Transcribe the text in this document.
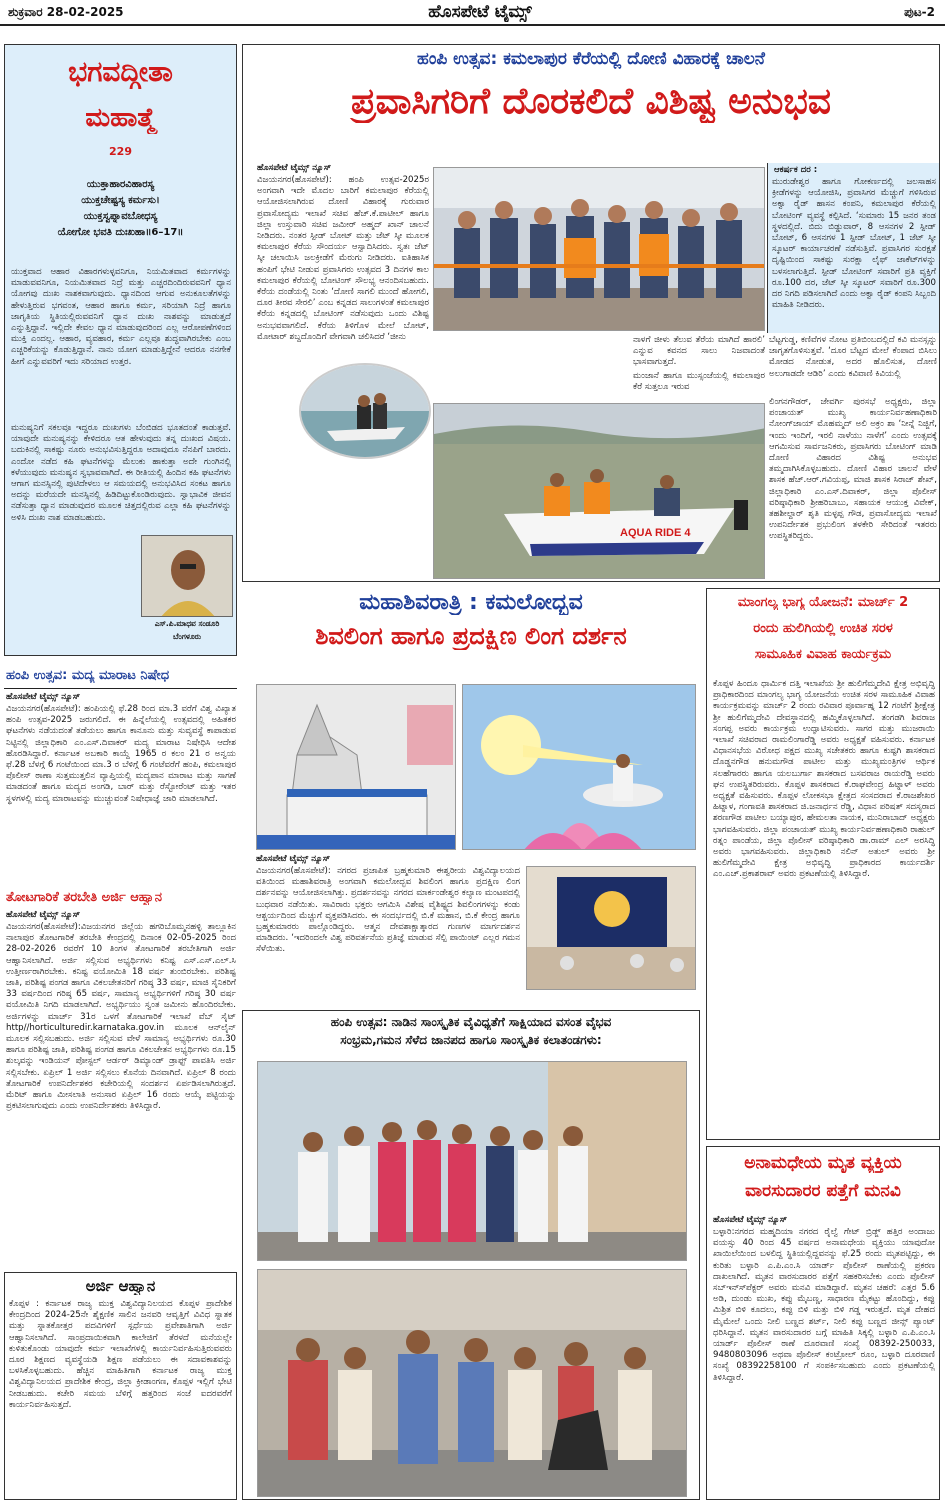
ಶುಕ್ರವಾರ 28-02-2025	ಹೊಸಪೇಟೆ ಟೈಮ್ಸ್	ಪುಟ-2
ಭಗವದ್ಗೀತಾ
ಮಹಾತ್ಮೆ
229
ಯುಕ್ತಾಹಾರವಿಹಾರಸ್ಯ
ಯುಕ್ತಚೇಷ್ಟಸ್ಯ ಕರ್ಮಸು।
ಯುಕ್ತಸ್ವಪ್ನಾವಬೋಧಸ್ಯ
ಯೋಗೋ ಭವತಿ ದುಃಖಹಾ॥6–17॥
ಯುಕ್ತವಾದ ಆಹಾರ ವಿಹಾರಗಳುಳ್ಳವನಿಗೂ, ನಿಯಮಿತವಾದ ಕರ್ಮಗಳನ್ನು ಮಾಡುವವನಿಗೂ, ನಿಯಮಿತವಾದ ನಿದ್ರೆ ಮತ್ತು ಎಚ್ಚರದಿಂದಿರುವವನಿಗೆ ಧ್ಯಾನ ಯೋಗವು ದುಃಖ ನಾಶಕವಾಗುವುದು. ಧ್ಯಾನದಿಂದ ಆಗುವ ಅನುಕೂಲತೆಗಳನ್ನು ಹೇಳುತ್ತಿರುವ ಭಗವಂತ, ಆಹಾರ ಹಾಗೂ ಕರ್ಮ, ಸರಿಯಾಗಿ ನಿದ್ರೆ ಹಾಗೂ ಜಾಗೃತಿಯ ಸ್ಥಿತಿಯಲ್ಲಿರುವವನಿಗೆ ಧ್ಯಾನ ದುಃಖ ನಾಶವನ್ನು ಮಾಡುತ್ತದೆ ಎನ್ನುತ್ತಿದ್ದಾನೆ. ಇಲ್ಲಿದೇ ಕೇವಲ ಧ್ಯಾನ ಮಾಡುವುದರಿಂದ ಎಲ್ಲ ಆರೋಪಣೆಗಳಿಂದ ಮುಕ್ತಿ ಎಂದಲ್ಲ. ಆಹಾರ, ವ್ಯವಹಾರ, ಕರ್ಮ ಎಲ್ಲವೂ ಶುದ್ಧವಾಗಿರಬೇಕು ಎಂಬ ಎಚ್ಚರಿಕೆಯನ್ನು ಕೊಡುತ್ತಿದ್ದಾನೆ. ನಾನು ಯೋಗ ಮಾಡುತ್ತಿದ್ದೇನೆ ಆದರೂ ನನಗೇಕೆ ಹೀಗೆ ಎನ್ನುವವರಿಗೆ ಇದು ಸರಿಯಾದ ಉತ್ತರ.
ಮನುಷ್ಯನಿಗೆ ಸಕಲವೂ ಇದ್ದರೂ ದುಃಖಗಳು ಬೆಂಬಿಡದ ಭೂತದಂತೆ ಕಾಡುತ್ತವೆ. ಯಾವುದೇ ಮನುಷ್ಯನನ್ನು ಕೇಳಿದರೂ ಆತ ಹೇಳುವುದು ತನ್ನ ದುಃಖದ ವಿಷಯ. ಬದುಕಿನಲ್ಲಿ ಸಾಕಷ್ಟು ನೂರು ಅನುಭವಿಸುತ್ತಿದ್ದರೂ ಅದಾವುದೂ ನೆನಪಿಗೆ ಬಾರದು. ಎಂದೋ ನಡೆದ ಕಹಿ ಘಟನೆಗಳನ್ನು ಮೆಲುಕು ಹಾಕುತ್ತಾ ಅದೇ ಗುಂಗಿನಲ್ಲಿ ಕಳೆಯುವುದು ಮನುಷ್ಯನ ಸ್ವಭಾವವಾಗಿದೆ. ಈ ರೀತಿಯಲ್ಲಿ ಹಿಂದಿನ ಕಹಿ ಘಟನೆಗಳು ಆಗಾಗ ಮನಸ್ಸಿನಲ್ಲಿ ಪುಟಿದೇಳಲು ಆ ಸಮಯದಲ್ಲಿ ಅನುಭವಿಸಿದ ಸಂಕಟ ಹಾಗೂ ಅದನ್ನು ಮರೆಯದೇ ಮನಸ್ಸಿನಲ್ಲಿ ಹಿಡಿದಿಟ್ಟುಕೊಂಡಿರುವುದು. ಸ್ವಾಭಾವಿಕ ಜೀವನ ನಡೆಸುತ್ತಾ ಧ್ಯಾನ ಮಾಡುವುದರ ಮೂಲಕ ಚಿತ್ತದಲ್ಲಿರುವ ಎಲ್ಲಾ ಕಹಿ ಘಟನೆಗಳನ್ನು ಅಳಿಸಿ ದುಃಖ ನಾಶ ಮಾಡಬಹುದು.
ಎಸ್.ಪಿ.ಮಾಧವ ಸಂಡೂರಿ
ಬೆಂಗಳೂರು
ಹಂಪಿ ಉತ್ಸವ: ಮದ್ಯ ಮಾರಾಟ ನಿಷೇಧ
ಹೊಸಪೇಟೆ ಟೈಮ್ಸ್ ನ್ಯೂಸ್
ವಿಜಯನಗರ(ಹೊಸಪೇಟೆ): ಹಂಪಿಯಲ್ಲಿ ಫೆ.28 ರಿಂದ ಮಾ.3 ವರೆಗೆ ವಿಶ್ವ ವಿಖ್ಯಾತ ಹಂಪಿ ಉತ್ಸವ-2025 ಜರುಗಲಿದೆ. ಈ ಹಿನ್ನೆಲೆಯಲ್ಲಿ ಉತ್ಸವದಲ್ಲಿ ಅಹಿತಕರ ಘಟನೆಗಳು ನಡೆಯದಂತೆ ತಡೆಯಲು ಹಾಗೂ ಕಾನೂನು ಮತ್ತು ಸುವ್ಯವಸ್ಥೆ ಕಾಪಾಡುವ ನಿಟ್ಟಿನಲ್ಲಿ ಜಿಲ್ಲಾಧಿಕಾರಿ ಎಂ.ಎಸ್.ದಿವಾಕರ್ ಮದ್ಯ ಮಾರಾಟ ನಿಷೇಧಿಸಿ ಆದೇಶ ಹೊರಡಿಸಿದ್ದಾರೆ. ಕರ್ನಾಟಕ ಅಬಕಾರಿ ಕಾಯ್ದೆ 1965 ರ ಕಲಂ 21 ರ ಅನ್ವಯ ಫೆ.28 ಬೆಳಗ್ಗೆ 6 ಗಂಟೆಯಿಂದ ಮಾ.3 ರ ಬೆಳಿಗ್ಗೆ 6 ಗಂಟೆವರೆಗೆ ಹಂಪಿ, ಕಮಲಾಪುರ ಪೊಲೀಸ್ ಠಾಣಾ ಸುತ್ತಮುತ್ತಲಿನ ವ್ಯಾಪ್ತಿಯಲ್ಲಿ ಮದ್ಯಪಾನ ಮಾರಾಟ ಮತ್ತು ಸಾಗಣೆ ಮಾಡದಂತೆ ಹಾಗೂ ಮದ್ಯದ ಅಂಗಡಿ, ಬಾರ್ ಮತ್ತು ರೆಸ್ಟೋರೆಂಟ್ ಮತ್ತು ಇತರ ಸ್ಥಳಗಳಲ್ಲಿ ಮದ್ಯ ಮಾರಾಟವನ್ನು ಮುಚ್ಚುವಂತೆ ನಿಷೇಧಾಜ್ಞೆ ಜಾರಿ ಮಾಡಲಾಗಿದೆ.
ತೋಟಗಾರಿಕೆ ತರಬೇತಿ ಅರ್ಜಿ ಆಹ್ವಾನ
ಹೊಸಪೇಟೆ ಟೈಮ್ಸ್ ನ್ಯೂಸ್
ವಿಜಯನಗರ(ಹೊಸಪೇಟೆ):ವಿಜಯನಗರ ಜಿಲ್ಲೆಯ ಹಗರಿಬೊಮ್ಮನಹಳ್ಳಿ ತಾಲ್ಲೂಕಿನ ನಾಲಾಪುರ ತೋಟಗಾರಿಕೆ ತರಬೇತಿ ಕೇಂದ್ರದಲ್ಲಿ ದಿನಾಂಕ 02-05-2025 ರಿಂದ 28-02-2026 ರವರೆಗೆ 10 ತಿಂಗಳ ತೋಟಗಾರಿಕೆ ತರಬೇತಿಗಾಗಿ ಅರ್ಜಿ ಆಹ್ವಾನಿಸಲಾಗಿದೆ. ಅರ್ಜಿ ಸಲ್ಲಿಸುವ ಅಭ್ಯರ್ಥಿಗಳು ಕನಿಷ್ಟ ಎಸ್.ಎಸ್.ಎಲ್.ಸಿ ಉತ್ತೀರ್ಣರಾಗಿರಬೇಕು. ಕನಿಷ್ಟ ವಯೋಮಿತಿ 18 ವರ್ಷ ತುಂಬಿರಬೇಕು. ಪರಿಶಿಷ್ಟ ಜಾತಿ, ಪರಿಶಿಷ್ಟ ಪಂಗಡ ಹಾಗೂ ವಿಕಲಚೇತನರಿಗೆ ಗರಿಷ್ಠ 33 ವರ್ಷ, ಮಾಜಿ ಸೈನಿಕರಿಗೆ 33 ವರ್ಷದಿಂದ ಗರಿಷ್ಠ 65 ವರ್ಷ, ಸಾಮಾನ್ಯ ಅಭ್ಯರ್ಥಿಗಳಿಗೆ ಗರಿಷ್ಠ 30 ವರ್ಷ ವಯೋಮಿತಿ ನಿಗದಿ ಮಾಡಲಾಗಿದೆ. ಅಭ್ಯರ್ಥಿಯು ಸ್ವಂತ ಜಮೀನು ಹೊಂದಿರಬೇಕು. ಅರ್ಜಿಗಳನ್ನು ಮಾರ್ಚ್ 31ರ ಒಳಗೆ ತೋಟಗಾರಿಕೆ ಇಲಾಖೆ ವೆಬ್ ಸೈಟ್ http//horticulturedir.karnataka.gov.in ಮೂಲಕ ಆನ್‍ಲೈನ್ ಮೂಲಕ ಸಲ್ಲಿಸಬಹುದು. ಅರ್ಜಿ ಸಲ್ಲಿಸುವ ವೇಳೆ ಸಾಮಾನ್ಯ ಅಭ್ಯರ್ಥಿಗಳು ರೂ.30 ಹಾಗೂ ಪರಿಶಿಷ್ಟ ಜಾತಿ, ಪರಿಶಿಷ್ಟ ಪಂಗಡ ಹಾಗೂ ವಿಕಲಚೇತನ ಅಭ್ಯರ್ಥಿಗಳು ರೂ.15 ಶುಲ್ಕವನ್ನು ಇಂಡಿಯನ್ ಪೋಸ್ಟಲ್ ಆರ್ಡರ್ ಡಿಮ್ಯಾಂಡ್ ಡ್ರಾಫ್ಟ್ ಪಾವತಿಸಿ ಅರ್ಜಿ ಸಲ್ಲಿಸಬೇಕು. ಏಪ್ರಿಲ್ 1 ಅರ್ಜಿ ಸಲ್ಲಿಸಲು ಕೊನೆಯ ದಿನವಾಗಿದೆ. ಏಪ್ರಿಲ್ 8 ರಂದು ತೋಟಗಾರಿಕೆ ಉಪನಿರ್ದೇಶಕರ ಕಚೇರಿಯಲ್ಲಿ ಸಂದರ್ಶನ ಏರ್ಪಡಿಸಲಾಗಿರುತ್ತದೆ. ಮೆರಿಟ್ ಹಾಗೂ ಮೀಸಲಾತಿ ಅನುಸಾರ ಏಪ್ರಿಲ್ 16 ರಂದು ಆಯ್ಕೆ ಪಟ್ಟಿಯನ್ನು ಪ್ರಕಟಿಸಲಾಗುವುದು ಎಂದು ಉಪನಿರ್ದೇಶಕರು ತಿಳಿಸಿದ್ದಾರೆ.
ಅರ್ಜಿ ಆಹ್ವಾನ
ಕೊಪ್ಪಳ : ಕರ್ನಾಟಕ ರಾಜ್ಯ ಮುಕ್ತ ವಿಶ್ವವಿದ್ಯಾನಿಲಯದ ಕೊಪ್ಪಳ ಪ್ರಾದೇಶಿಕ ಕೇಂದ್ರದಿಂದ 2024-25ನೇ ಶೈಕ್ಷಣಿಕ ಸಾಲಿನ ಜನವರಿ ಆವೃತ್ತಿಗೆ ವಿವಿಧ ಸ್ನಾತಕ ಮತ್ತು ಸ್ನಾತಕೋತ್ತರ ಪದವಿಗಳಿಗೆ ಸ್ಪರ್ಧೆಯ ಪ್ರವೇಶಾತಿಗಾಗಿ ಅರ್ಜಿ ಆಹ್ವಾನಿಸಲಾಗಿದೆ. ಸಾಂಪ್ರದಾಯಿಕವಾಗಿ ಕಾಲೇಜಿಗೆ ತೆರಳದೆ ಮನೆಯಲ್ಲೇ ಕುಳಿತುಕೊಂಡು ಯಾವುದೇ ಕರ್ಮ ಇಲಾಖೆಗಳಲ್ಲಿ ಕಾರ್ಯನಿರ್ವಹಿಸುತ್ತಿರುವವರು ದೂರ ಶಿಕ್ಷಣದ ವ್ಯವಸ್ಥೆಯಡಿ ಶಿಕ್ಷಣ ಪಡೆಯಲು ಈ ಸದಾವಕಾಶವನ್ನು ಬಳಸಿಕೊಳ್ಳಬಹುದು. ಹೆಚ್ಚಿನ ಮಾಹಿತಿಗಾಗಿ ಕರ್ನಾಟಕ ರಾಜ್ಯ ಮುಕ್ತ ವಿಶ್ವವಿದ್ಯಾನಿಲಯದ ಪ್ರಾದೇಶಿಕ ಕೇಂದ್ರ, ಜಿಲ್ಲಾ ಕ್ರೀಡಾಂಗಣ, ಕೊಪ್ಪಳ ಇಲ್ಲಿಗೆ ಭೇಟಿ ನೀಡಬಹುದು. ಕಚೇರಿ ಸಮಯ ಬೆಳಿಗ್ಗೆ ಹತ್ತರಿಂದ ಸಂಜೆ ಐದರವರೆಗೆ ಕಾರ್ಯನಿರ್ವಹಿಸುತ್ತದೆ.
ಹಂಪಿ ಉತ್ಸವ: ಕಮಲಾಪುರ ಕೆರೆಯಲ್ಲಿ ದೋಣಿ ವಿಹಾರಕ್ಕೆ ಚಾಲನೆ
ಪ್ರವಾಸಿಗರಿಗೆ ದೊರಕಲಿದೆ ವಿಶಿಷ್ಟ ಅನುಭವ
ಹೊಸಪೇಟೆ ಟೈಮ್ಸ್ ನ್ಯೂಸ್
ವಿಜಯನಗರ(ಹೊಸಪೇಟೆ): ಹಂಪಿ ಉತ್ಸವ-2025ರ ಅಂಗವಾಗಿ ಇದೇ ಮೊದಲ ಬಾರಿಗೆ ಕಮಲಾಪುರ ಕೆರೆಯಲ್ಲಿ ಆಯೋಜಿಸಲಾಗಿರುವ ದೋಣಿ ವಿಹಾರಕ್ಕೆ ಗುರುವಾರ ಪ್ರವಾಸೋದ್ಯಮ ಇಲಾಖೆ ಸಚಿವ ಹೆಚ್.ಕೆ.ಪಾಟೀಲ್ ಹಾಗೂ ಜಿಲ್ಲಾ ಉಸ್ತುವಾರಿ ಸಚಿವ ಜಮೀರ್ ಅಹ್ಮದ್ ಖಾನ್ ಚಾಲನೆ ನೀಡಿದರು. ನಂತರ ಸ್ಪೀಡ್ ಬೋಟ್ ಮತ್ತು ಜೆಟ್ ಸ್ಕೀ ಮೂಲಕ ಕಮಲಾಪುರ ಕೆರೆಯ ಸೌಂದರ್ಯ ಆಸ್ವಾದಿಸಿದರು. ಸ್ವತಃ ಜೆಟ್ ಸ್ಕೀ ಚಲಾಯಿಸಿ ಜಲಕ್ರೀಡೆಗೆ ಮೆರುಗು ನೀಡಿದರು. ಐತಿಹಾಸಿಕ ಹಂಪಿಗೆ ಭೇಟಿ ನೀಡುವ ಪ್ರವಾಸಿಗರು ಉತ್ಸವದ 3 ದಿನಗಳ ಕಾಲ ಕಮಲಾಪುರ ಕೆರೆಯಲ್ಲಿ ಬೋಟಿಂಗ್ ಸೌಲಭ್ಯ ಆನಂದಿಸಬಹುದು. ಕೆರೆಯ ದಂಡೆಯಲ್ಲಿ ನಿಂತು ‘ದೋಣಿ ಸಾಗಲಿ ಮುಂದೆ ಹೋಗಲಿ, ದೂರ ತೀರವ ಸೇರಲಿ’ ಎಂಬ ಕನ್ನಡದ ಸಾಲುಗಳಂತೆ ಕಮಲಾಪುರ ಕೆರೆಯ ಕನ್ನಡದಲ್ಲಿ ಬೋಟಿಂಗ್ ನಡೆಸುವುದು ಒಂದು ವಿಶಿಷ್ಟ ಅನುಭವವಾಗಲಿದೆ. ಕೆರೆಯ ತಿಳಿಗೊಳ ಮೇಲೆ ಬೋಟ್, ಮೋಟಾರ್ ಶಬ್ದದೊಂದಿಗೆ ವೇಗವಾಗಿ ಚಲಿಸಿದರೆ ‘ಜೀನು	ನಾಳಗೆ ಜೀಳು ತೆಲುವ ತೆರೆಯ ಮಾಗಿದೆ ಹಾರಲಿ’ ಎನ್ನುವ ಕವನದ ಸಾಲು ನಿಜವಾದಂತೆ ಭಾಸವಾಗುತ್ತದೆ.
ಮಂಜಾನೆ ಹಾಗೂ ಮುಸ್ಸಂಜೆಯಲ್ಲಿ ಕಮಲಾಪುರ ಕೆರೆ ಸುತ್ತಲೂ ಇರುವ
ಬೆಟ್ಟಗುಡ್ಡ, ಕಣಿವೆಗಳ ನೋಟ ಪ್ರತಿಬಿಂಬದಲ್ಲಿದೆ ಕವಿ ಮನಸ್ಸನ್ನು ಜಾಗೃತಗೊಳಿಸುತ್ತವೆ. ‘ದೂರ ಬೆಟ್ಟದ ಮೇಲೆ ಕೆಂಪಾದ ಬಿಸಿಲು ಮೋಡದ ನೋಡುತ, ಅದರ ಹೊಲಿಸುತ, ದೋಣಿ ಅಲುಗಾಡದೇ ಆಡಿರಿ’ ಎಂದು ಕವಿವಾಣಿ ಕಿವಿಯಲ್ಲಿ
ಆಕರ್ಷಕ ದರ :
ಮುರುಡೇಶ್ವರ ಹಾಗೂ ಗೋಕರ್ಣದಲ್ಲಿ ಜಲಸಾಹಸ ಕ್ರೀಡೆಗಳನ್ನು ಆಯೋಜಿಸಿ, ಪ್ರವಾಸಿಗರ ಮೆಚ್ಚುಗೆ ಗಳಿಸಿರುವ ಅಕ್ವಾ ರೈಡ್ ಹಾಸನ ಕಂಪನಿ, ಕಮಲಾಪುರ ಕೆರೆಯಲ್ಲಿ ಬೋಟಿಂಗ್ ವ್ಯವಸ್ಥೆ ಕಲ್ಪಿಸಿದೆ. ‘ಸುಮಾರು 15 ಜನರ ತಂಡ ಸ್ಥಳದಲ್ಲಿದೆ. ಬಿದು ಬಿಡ್ಡುವಾರ್, 8 ಆಸನಗಳ 2 ಸ್ಪೀಡ್ ಬೋಟ್, 6 ಆಸನಗಳ 1 ಸ್ಪೀಡ್ ಬೋಟ್, 1 ಜೆಟ್ ಸ್ಕೀ ಸ್ಕೂಟರ್ ಕಾರ್ಯಾಚರಣೆ ನಡೆಸುತ್ತಿವೆ. ಪ್ರವಾಸಿಗರ ಸುರಕ್ಷತೆ ದೃಷ್ಟಿಯಿಂದ ಸಾಕಷ್ಟು ಸುರಕ್ಷಾ ಲೈಫ್ ಜಾಕೆಟ್‍ಗಳನ್ನು ಬಳಸಲಾಗುತ್ತಿದೆ. ಸ್ಪೀಡ್ ಬೋಟಿಂಗ್ ಸವಾರಿಗೆ ಪ್ರತಿ ವ್ಯಕ್ತಿಗೆ ರೂ.100 ದರ, ಜೆಟ್ ಸ್ಕೀ ಸ್ಕೂಟರ್ ಸವಾರಿಗೆ ರೂ.300 ದರ ನಿಗದಿ ಪಡಿಸಲಾಗಿದೆ ಎಂದು ಅಕ್ವಾ ರೈಡ್ ಕಂಪನಿ ಸಿಬ್ಬಂದಿ ಮಾಹಿತಿ ನೀಡಿದರು.
AQUA RIDE 4
ಲಿಂಗನಗೌಡರ್, ಜೇವರ್ಗಿ ಪುರಸಭೆ ಅಧ್ಯಕ್ಷರು, ಜಿಲ್ಲಾ ಪಂಚಾಯತ್ ಮುಖ್ಯ ಕಾರ್ಯನಿರ್ವಹಣಾಧಿಕಾರಿ ನೋಂಗ್‍ಜಾಯ್ ಮೊಹಮ್ಮದ್ ಅಲಿ ಅಕ್ರಂ ಶಾ ‘ನೀನ್ನೆ ನಿಜ್ಜಿಗೆ, ಇಂದು ಇಂದಿಗೆ, ಇರಲಿ ನಾಳೆಯು ನಾಳೆಗೆ’ ಎಂದು ಉತ್ಸವಕ್ಕೆ ಆಗಮಿಸುವ ಸಾರ್ವಜನಿಕರು, ಪ್ರವಾಸಿಗರು ಬೋಟಿಂಗ್ ಮಾಡಿ ದೋಣಿ ವಿಹಾರದ ವಿಶಿಷ್ಟ ಅನುಭವ ತಮ್ಮದಾಗಿಸಿಕೊಳ್ಳಬಹುದು. ದೋಣಿ ವಿಹಾರ ಚಾಲನೆ ವೇಳೆ ಶಾಸಕ ಹೆಚ್.ಆರ್.ಗವಿಯಪ್ಪ, ಮಾಜಿ ಶಾಸಕ ಸಿರಾಜ್ ಶೇಖ್, ಜಿಲ್ಲಾಧಿಕಾರಿ ಎಂ.ಎಸ್.ದಿವಾಕರ್, ಜಿಲ್ಲಾ ಪೊಲೀಸ್ ವರಿಷ್ಠಾಧಿಕಾರಿ ಶ್ರೀಹರಿಬಾಬು, ಸಹಾಯಕ ಆಯುಕ್ತ ವಿವೇಕ್, ತಹಶೀಲ್ದಾರ್ ಶೃತಿ ಮಳ್ಳಪ್ಪ ಗೌಡ, ಪ್ರವಾಸೋದ್ಯಮ ಇಲಾಖೆ ಉಪನಿರ್ದೇಶಕ ಪ್ರಭುಲಿಂಗ ತಳಕೇರಿ ಸೇರಿದಂತೆ ಇತರರು ಉಪಸ್ಥಿತರಿದ್ದರು.
ಮಹಾಶಿವರಾತ್ರಿ : ಕಮಲೋದ್ಭವ
ಶಿವಲಿಂಗ ಹಾಗೂ ಪ್ರದಕ್ಷಿಣ ಲಿಂಗ ದರ್ಶನ
ಹೊಸಪೇಟೆ ಟೈಮ್ಸ್ ನ್ಯೂಸ್
ವಿಜಯನಗರ(ಹೊಸಪೇಟೆ): ನಗರದ ಪ್ರಜಾಪಿತ ಬ್ರಹ್ಮಕುಮಾರಿ ಈಶ್ವರೀಯ ವಿಶ್ವವಿದ್ಯಾಲಯದ ವತಿಯಿಂದ ಮಹಾಶಿವರಾತ್ರಿ ಅಂಗವಾಗಿ ಕಮಲೋದ್ಭವ ಶಿವಲಿಂಗ ಹಾಗೂ ಪ್ರದಕ್ಷಿಣ ಲಿಂಗ ದರ್ಶನವನ್ನು ಆಯೋಜಿಸಲಾಗಿತ್ತು. ಪ್ರದರ್ಶನವನ್ನು ನಗರದ ಮಾರ್ಕಂಡೇಶ್ವರ ಕಲ್ಯಾಣ ಮಂಟಪದಲ್ಲಿ ಬುಧವಾರ ನಡೆಯಿತು. ಸಾವಿರಾರು ಭಕ್ತರು ಆಗಮಿಸಿ ವಿಶೇಷ ವೈಶಿಷ್ಟ್ಯದ ಶಿವಲಿಂಗಗಳನ್ನು ಕಂಡು ಆಶ್ಚರ್ಯದಿಂದ ಮೆಚ್ಚುಗೆ ವ್ಯಕ್ತಪಡಿಸಿದರು. ಈ ಸಂದರ್ಭದಲ್ಲಿ ಬಿ.ಕೆ ಮಹಾನ, ಬಿ.ಕೆ ಕೇಂದ್ರ ಹಾಗೂ ಬ್ರಹ್ಮಕುಮಾರರು ಪಾಲ್ಗೊಂಡಿದ್ದರು. ಆತ್ಮನ ದೇವಶಾಕ್ಷಾತ್ಕಾರದ ಗುಣಗಳ ಮಾರ್ಗದರ್ಶನ ಮಾಡಿದರು. ‘ಇದರಿಂದಲೇ ವಿಶ್ವ ಪರಿವರ್ತನೆಯ ಪ್ರತಿಜ್ಞೆ ಮಾಡುವ ಸೆಲ್ಪಿ ಪಾಯಿಂಟ್ ಎಲ್ಲರ ಗಮನ ಸೆಳೆಯಿತು.
ಹಂಪಿ ಉತ್ಸವ: ನಾಡಿನ ಸಾಂಸ್ಕೃತಿಕ ವೈವಿಧ್ಯತೆಗೆ ಸಾಕ್ಷಿಯಾದ ವಸಂತ ವೈಭವ
ಸಂಭ್ರಮ,ಗಮನ ಸೆಳೆದ ಜಾನಪದ ಹಾಗೂ ಸಾಂಸ್ಕೃತಿಕ ಕಲಾತಂಡಗಳು:
ಮಾಂಗಲ್ಯ ಭಾಗ್ಯ ಯೋಜನೆ: ಮಾರ್ಚ್ 2
ರಂದು ಹುಲಿಗಿಯಲ್ಲಿ ಉಚಿತ ಸರಳ
ಸಾಮೂಹಿಕ ವಿವಾಹ ಕಾರ್ಯಕ್ರಮ
ಕೊಪ್ಪಳ ಹಿಂದೂ ಧಾರ್ಮಿಕ ದತ್ತಿ ಇಲಾಖೆಯ ಶ್ರೀ ಹುಲಿಗೆಮ್ಮದೇವಿ ಕ್ಷೇತ್ರ ಅಭಿವೃದ್ಧಿ ಪ್ರಾಧಿಕಾರದಿಂದ ಮಾಂಗಲ್ಯ ಭಾಗ್ಯ ಯೋಜನೆಯ ಉಚಿತ ಸರಳ ಸಾಮೂಹಿಕ ವಿವಾಹ ಕಾರ್ಯಕ್ರಮವನ್ನು ಮಾರ್ಚ್ 2 ರಂದು ರವಿವಾರ ಪೂರ್ವಾಹ್ನ 12 ಗಂಟೆಗೆ ಶ್ರೀಕ್ಷೇತ್ರ ಶ್ರೀ ಹುಲಿಗೆಮ್ಮದೇವಿ ದೇವಸ್ಥಾನದಲ್ಲಿ ಹಮ್ಮಿಕೊಳ್ಳಲಾಗಿದೆ. ತಂಗಡಗಿ ಶಿವರಾಜ ಸಂಗಪ್ಪ ಅವರು ಕಾರ್ಯಕ್ರಮ ಉದ್ಘಾಟಿಸುವರು. ಸಾಗರ ಮತ್ತು ಮುಜರಾಯಿ ಇಲಾಖೆ ಸಚಿವರಾದ ರಾಮಲಿಂಗಾರೆಡ್ಡಿ ಅವರು ಅಧ್ಯಕ್ಷತೆ ವಹಿಸುವರು. ಕರ್ನಾಟಕ ವಿಧಾನಸಭೆಯ ವಿರೋಧ ಪಕ್ಷದ ಮುಖ್ಯ ಸಚೇತಕರು ಹಾಗೂ ಕುಷ್ಟಗಿ ಶಾಸಕರಾದ ದೊಡ್ಡನಗೌಡ ಹನುಮಗೌಡ ಪಾಟೀಲ ಮತ್ತು ಮುಖ್ಯಮಂತ್ರಿಗಳ ಆರ್ಥಿಕ ಸಲಹೆಗಾರರು ಹಾಗೂ ಯಲಬುರ್ಗಾ ಶಾಸಕರಾದ ಬಸವರಾಜ ರಾಯರೆಡ್ಡಿ ಅವರು ಘನ ಉಪಸ್ಥಿತರಿರುವರು. ಕೊಪ್ಪಳ ಶಾಸಕರಾದ ಕೆ.ರಾಘವೇಂದ್ರ ಹಿಟ್ನಾಳ್ ಅವರು ಅಧ್ಯಕ್ಷತೆ ವಹಿಸುವರು. ಕೊಪ್ಪಳ ಲೋಕಸಭಾ ಕ್ಷೇತ್ರದ ಸಂಸದರಾದ ಕೆ.ರಾಜಶೇಖರ ಹಿಟ್ನಾಳ, ಗಂಗಾವತಿ ಶಾಸಕರಾದ ಜಿ.ಜನಾರ್ಧನ ರೆಡ್ಡಿ, ವಿಧಾನ ಪರಿಷತ್ ಸದಸ್ಯರಾದ ಶರಣಗೌಡ ಪಾಟೀಲ ಬಯ್ಯಾಪುರ, ಹೇಮಲತಾ ನಾಯಕ, ಮುನಿರಾಬಾದ್ ಅಧ್ಯಕ್ಷರು ಭಾಗವಹಿಸುವರು. ಜಿಲ್ಲಾ ಪಂಚಾಯತ್ ಮುಖ್ಯ ಕಾರ್ಯನಿರ್ವಹಣಾಧಿಕಾರಿ ರಾಹುಲ್ ರತ್ನಂ ಪಾಂಡೆಯ, ಜಿಲ್ಲಾ ಪೊಲೀಸ್ ವರಿಷ್ಠಾಧಿಕಾರಿ ಡಾ.ರಾಮ್ ಎಲ್ ಅರಸಿದ್ಧಿ ಅವರು ಭಾಗವಹಿಸುವರು. ಜಿಲ್ಲಾಧಿಕಾರಿ ನಲಿನ್ ಅತುಲ್ ಅವರು ಶ್ರೀ ಹುಲಿಗೆಮ್ಮದೇವಿ ಕ್ಷೇತ್ರ ಅಭಿವೃದ್ಧಿ ಪ್ರಾಧಿಕಾರದ ಕಾರ್ಯದರ್ಶಿ ಎಂ.ಎಚ್.ಪ್ರಕಾಶರಾವ್ ಅವರು ಪ್ರಕಟಣೆಯಲ್ಲಿ ತಿಳಿಸಿದ್ದಾರೆ.
ಅನಾಮಧೇಯ ಮೃತ ವ್ಯಕ್ತಿಯ
ವಾರಸುದಾರರ ಪತ್ತೆಗೆ ಮನವಿ
ಹೊಸಪೇಟೆ ಟೈಮ್ಸ್ ನ್ಯೂಸ್
ಬಳ್ಳಾರಿ:ನಗರದ ಮಹ್ಮದಿಯಾ ನಗರದ ರೈಲ್ವೆ ಗೇಟ್ ಬ್ರಿಡ್ಜ್ ಹತ್ತಿರ ಅಂದಾಜು ವಯಸ್ಸು 40 ರಿಂದ 45 ವರ್ಷದ ಅನಾಮಧೇಯ ವ್ಯಕ್ತಿಯು ಯಾವುದೋ ಖಾಯಿಲೆಯಿಂದ ಬಳಲಿದ್ದ ಸ್ಥಿತಿಯಲ್ಲಿದ್ದವನನ್ನು ಫೆ.25 ರಂದು ಮೃತಪಟ್ಟಿದ್ದು, ಈ ಕುರಿತು ಬಳ್ಳಾರಿ ಎ.ಪಿ.ಎಂ.ಸಿ ಯಾರ್ಡ್ ಪೊಲೀಸ್ ಠಾಣೆಯಲ್ಲಿ ಪ್ರಕರಣ ದಾಖಲಾಗಿದೆ. ಮೃತನ ವಾರಸುದಾರರ ಪತ್ತೆಗೆ ಸಹಕರಿಸಬೇಕು ಎಂದು ಪೊಲೀಸ್ ಸಬ್‍ಇನ್ಸ್‍ಪೆಕ್ಟರ್ ಅವರು ಮನವಿ ಮಾಡಿದ್ದಾರೆ. ಮೃತನ ಚಹರೆ: ಎತ್ತರ 5.6 ಅಡಿ, ದುಂಡು ಮುಖ, ಕಪ್ಪು ಮೈಬಣ್ಣ, ಸಾಧಾರಣ ಮೈಕಟ್ಟು ಹೊಂದಿದ್ದು, ಕಪ್ಪು ಮಿಶ್ರಿತ ಬಿಳಿ ಕೂದಲು, ಕಪ್ಪು ಬಿಳಿ ಮತ್ತು ಬಿಳಿ ಗಡ್ಡ ಇರುತ್ತದೆ. ಮೃತ ದೇಹದ ಮೈಮೇಲೆ ಒಂದು ನೀಲಿ ಬಣ್ಣದ ಶರ್ಟ್, ನೀಲಿ ಕಪ್ಪು ಬಣ್ಣದ ಜೀನ್ಸ್ ಪ್ಯಾಂಟ್ ಧರಿಸಿದ್ದಾನೆ. ಮೃತನ ವಾರಸುದಾರರ ಬಗ್ಗೆ ಮಾಹಿತಿ ಸಿಕ್ಕಲ್ಲಿ ಬಳ್ಳಾರಿ ಎ.ಪಿ.ಎಂ.ಸಿ ಯಾರ್ಡ್ ಪೊಲೀಸ್ ಠಾಣೆ ದೂರವಾಣಿ ಸಂಖ್ಯೆ 08392-250033, 9480803096 ಅಥವಾ ಪೊಲೀಸ್ ಕಂಟ್ರೋಲ್ ರೂಂ, ಬಳ್ಳಾರಿ ದೂರವಾಣಿ ಸಂಖ್ಯೆ 08392258100 ಗೆ ಸಂಪರ್ಕಿಸಬಹುದು ಎಂದು ಪ್ರಕಟಣೆಯಲ್ಲಿ ತಿಳಿಸಿದ್ದಾರೆ.
